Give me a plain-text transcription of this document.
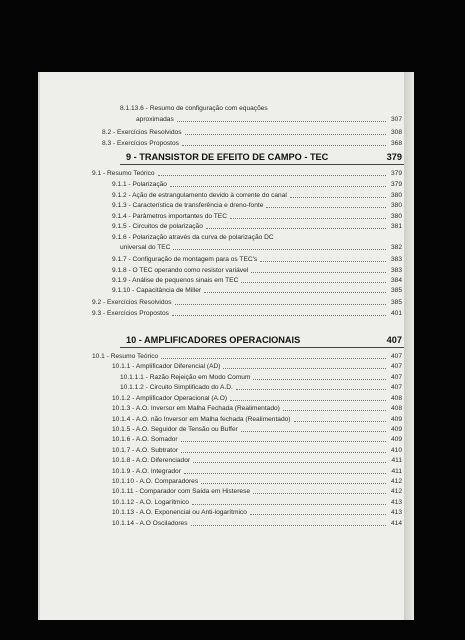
8.1.13.6 - Resumo de configuração com equações
aproximadas	307
8.2 - Exercícios Resolvidos	308
8.3 - Exercícios Propostos	368
9 - TRANSISTOR DE EFEITO DE CAMPO - TEC	379
9.1 - Resumo Teórico	379
9.1.1 - Polarização	379
9.1.2 - Ação de estrangulamento devido à corrente do canal	380
9.1.3 - Característica de transferência e dreno-fonte	380
9.1.4 - Parâmetros importantes do TEC	380
9.1.5 - Circuitos de polarização	381
9.1.6 - Polarização através da curva de polarização DC
universal do TEC	382
9.1.7 - Configuração de montagem para os TEC's	383
9.1.8 - O TEC operando como resistor variável	383
9.1.9 - Análise de pequenos sinais em TEC	384
9.1.10 - Capacitância de Miller	385
9.2 - Exercícios Resolvidos	385
9.3 - Exercícios Propostos	401
10 - AMPLIFICADORES OPERACIONAIS	407
10.1 - Resumo Teórico	407
10.1.1 - Amplificador Diferencial (AD)	407
10.1.1.1 - Razão Rejeição em Modo Comum	407
10.1.1.2 - Circuito Simplificado do A.D.	407
10.1.2 - Amplificador Operacional (A.O)	408
10.1.3 - A.O. Inversor em Malha Fechada (Realimentado)	408
10.1.4 - A.O. não Inversor em Malha fechada (Realimentado)	409
10.1.5 - A.O. Seguidor de Tensão ou Buffer	409
10.1.6 - A.O. Somador	409
10.1.7 - A.O. Subtrator	410
10.1.8 - A.O. Diferenciador	411
10.1.9 - A.O. Integrador	411
10.1.10 - A.O. Comparadores	412
10.1.11 - Comparador com Saída em Histerese	412
10.1.12 - A.O. Logarítmico	413
10.1.13 - A.O. Exponencial ou Anti-logarítmico	413
10.1.14 - A.O Osciladores	414
